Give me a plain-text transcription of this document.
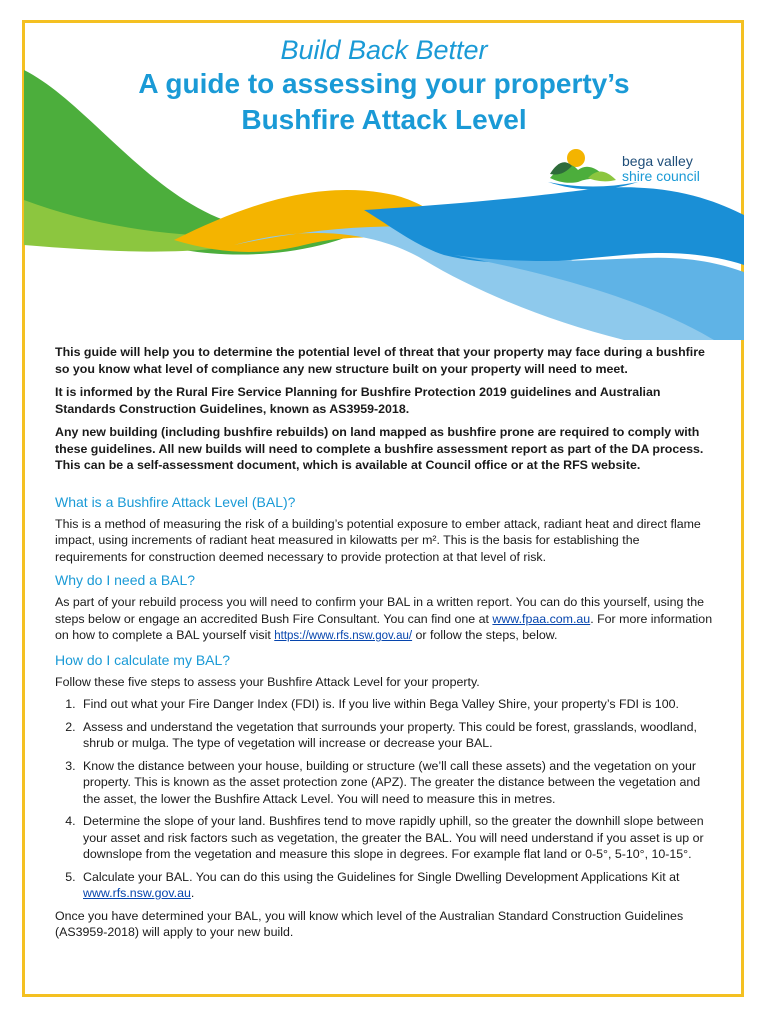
Build Back Better

A guide to assessing your property’s

Bushfire Attack Level

bega valley
shire council

This guide will help you to determine the potential level of threat that your property may face during a bushfire so you know what level of compliance any new structure built on your property will need to meet.

It is informed by the Rural Fire Service Planning for Bushfire Protection 2019 guidelines and Australian Standards Construction Guidelines, known as AS3959-2018.

Any new building (including bushfire rebuilds) on land mapped as bushfire prone are required to comply with these guidelines. All new builds will need to complete a bushfire assessment report as part of the DA process. This can be a self-assessment document, which is available at Council office or at the RFS website.

What is a Bushfire Attack Level (BAL)?

This is a method of measuring the risk of a building’s potential exposure to ember attack, radiant heat and direct flame impact, using increments of radiant heat measured in kilowatts per m². This is the basis for establishing the requirements for construction deemed necessary to provide protection at that level of risk.

Why do I need a BAL?

As part of your rebuild process you will need to confirm your BAL in a written report. You can do this yourself, using the steps below or engage an accredited Bush Fire Consultant. You can find one at www.fpaa.com.au. For more information on how to complete a BAL yourself visit https://www.rfs.nsw.gov.au/ or follow the steps, below.

How do I calculate my BAL?

Follow these five steps to assess your Bushfire Attack Level for your property.

1. Find out what your Fire Danger Index (FDI) is. If you live within Bega Valley Shire, your property’s FDI is 100.
2. Assess and understand the vegetation that surrounds your property. This could be forest, grasslands, woodland, shrub or mulga. The type of vegetation will increase or decrease your BAL.
3. Know the distance between your house, building or structure (we’ll call these assets) and the vegetation on your property. This is known as the asset protection zone (APZ). The greater the distance between the vegetation and the asset, the lower the Bushfire Attack Level. You will need to measure this in metres.
4. Determine the slope of your land. Bushfires tend to move rapidly uphill, so the greater the downhill slope between your asset and risk factors such as vegetation, the greater the BAL. You will need understand if you asset is up or downslope from the vegetation and measure this slope in degrees. For example flat land or 0-5°, 5-10°, 10-15°.
5. Calculate your BAL. You can do this using the Guidelines for Single Dwelling Development Applications Kit at www.rfs.nsw.gov.au.

Once you have determined your BAL, you will know which level of the Australian Standard Construction Guidelines (AS3959-2018) will apply to your new build.
